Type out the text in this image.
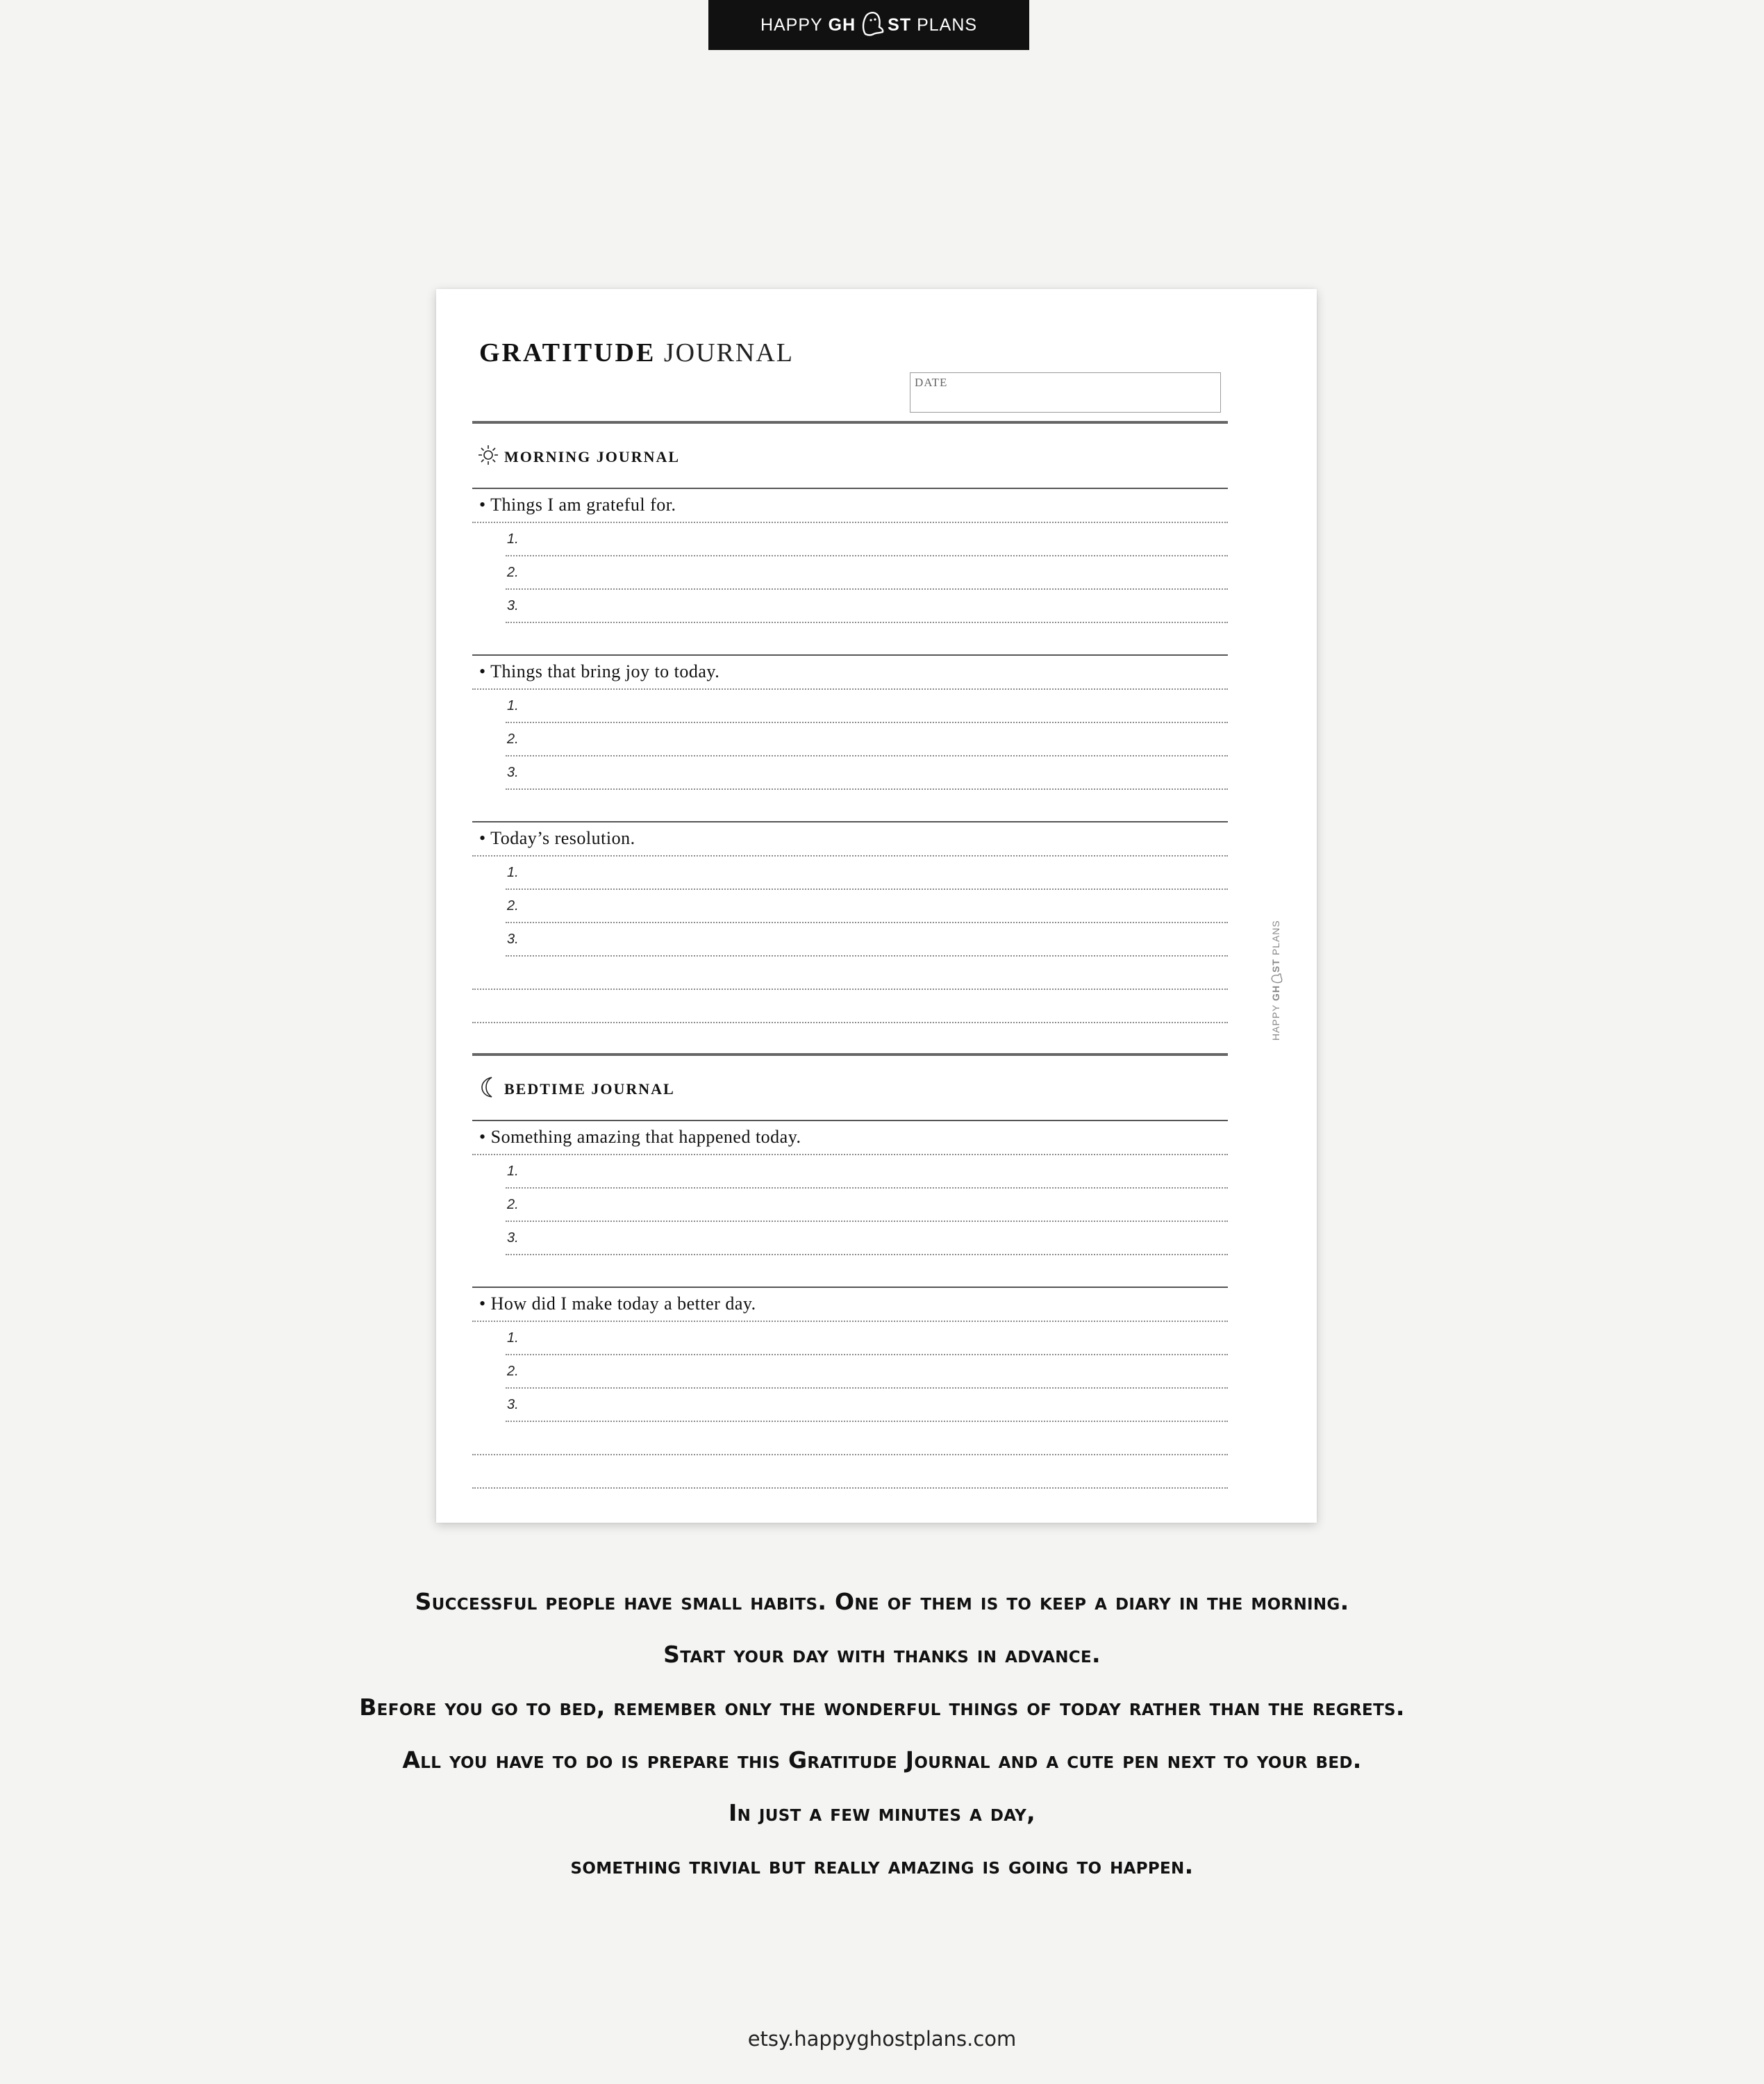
HAPPY
GH ST
PLANS
GRATITUDE JOURNAL
DATE
MORNING JOURNAL
• Things I am grateful for.
1.
2.
3.
• Things that bring joy to today.
1.
2.
3.
• Today’s resolution.
1.
2.
3.
BEDTIME JOURNAL
• Something amazing that happened today.
1.
2.
3.
• How did I make today a better day.
1.
2.
3.
HAPPY GHST PLANS
Successful people have small habits. One of them is to keep a diary in the morning.
Start your day with thanks in advance.
Before you go to bed, remember only the wonderful things of today rather than the regrets.
All you have to do is prepare this Gratitude Journal and a cute pen next to your bed.
In just a few minutes a day,
something trivial but really amazing is going to happen.
etsy.happyghostplans.com
